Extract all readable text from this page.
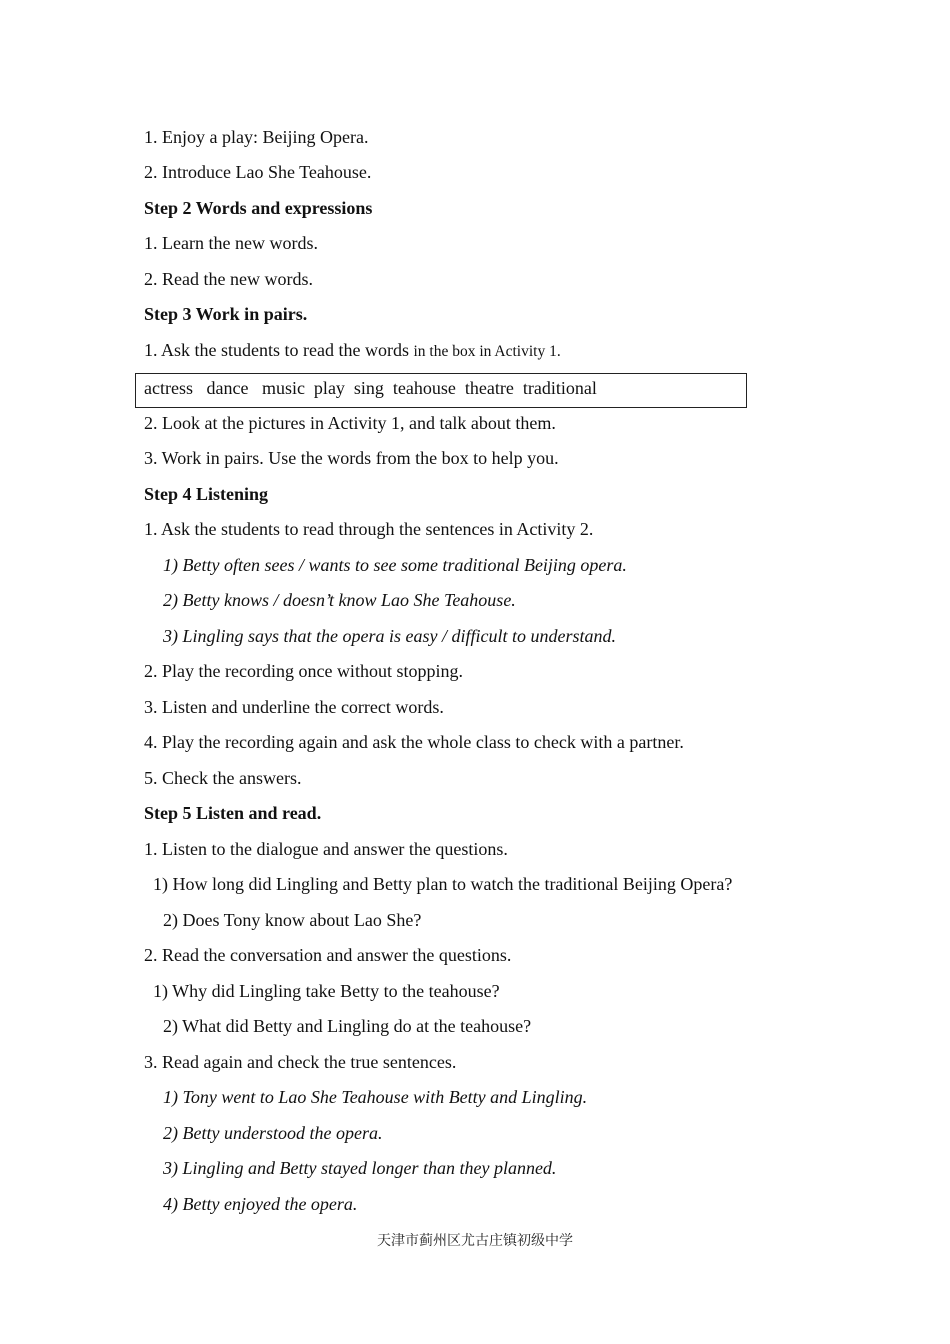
1. Enjoy a play: Beijing Opera.
2. Introduce Lao She Teahouse.
Step 2 Words and expressions
1. Learn the new words.
2. Read the new words.
Step 3 Work in pairs.
1. Ask the students to read the words in the box in Activity 1.
actress   dance   music  play  sing  teahouse  theatre  traditional
2. Look at the pictures in Activity 1, and talk about them.
3. Work in pairs. Use the words from the box to help you.
Step 4 Listening
1. Ask the students to read through the sentences in Activity 2.
1) Betty often sees / wants to see some traditional Beijing opera.
2) Betty knows / doesn’t know Lao She Teahouse.
3) Lingling says that the opera is easy / difficult to understand.
2. Play the recording once without stopping.
3. Listen and underline the correct words.
4. Play the recording again and ask the whole class to check with a partner.
5. Check the answers.
Step 5 Listen and read.
1. Listen to the dialogue and answer the questions.
1) How long did Lingling and Betty plan to watch the traditional Beijing Opera?
2) Does Tony know about Lao She?
2. Read the conversation and answer the questions.
1) Why did Lingling take Betty to the teahouse?
2) What did Betty and Lingling do at the teahouse?
3. Read again and check the true sentences.
1) Tony went to Lao She Teahouse with Betty and Lingling.
2) Betty understood the opera.
3) Lingling and Betty stayed longer than they planned.
4) Betty enjoyed the opera.
天津市蓟州区尤古庄镇初级中学
